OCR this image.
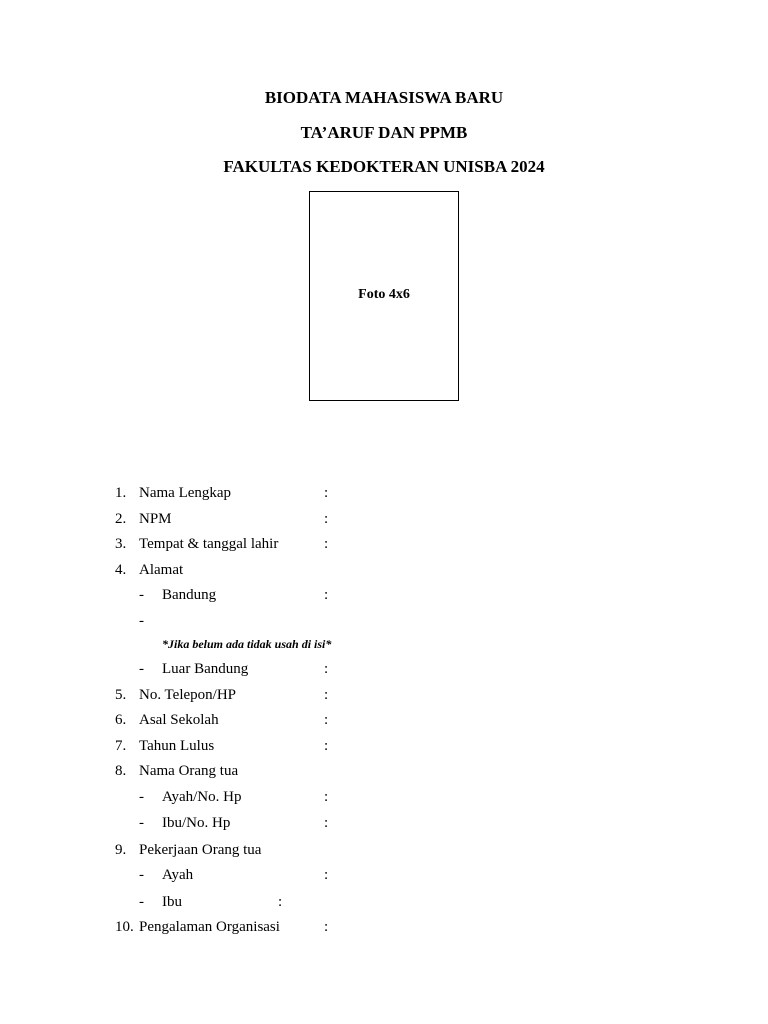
BIODATA MAHASISWA BARU
TA’ARUF DAN PPMB
FAKULTAS KEDOKTERAN UNISBA 2024
Foto 4x6
1. Nama Lengkap	:
2. NPM	:
3. Tempat & tanggal lahir	:
4. Alamat
- Bandung	:
-
*Jika belum ada tidak usah di isi*
- Luar Bandung	:
5. No. Telepon/HP	:
6. Asal Sekolah	:
7. Tahun Lulus	:
8. Nama Orang tua
- Ayah/No. Hp	:
- Ibu/No. Hp	:
9. Pekerjaan Orang tua
- Ayah	:
- Ibu	:
10. Pengalaman Organisasi	:
